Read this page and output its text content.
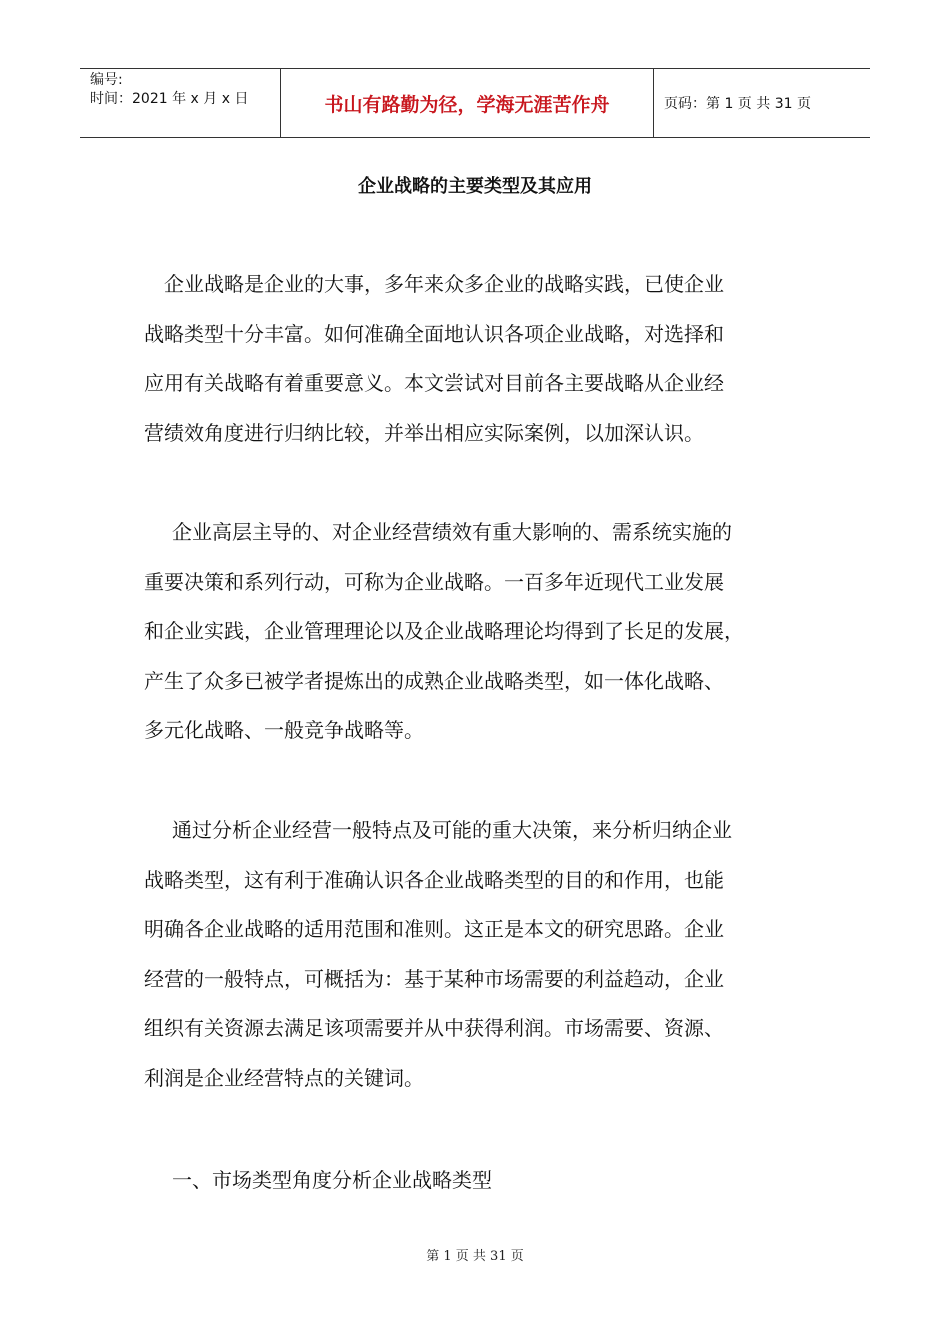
编号:
时间：2021 年 x 月 x 日	书山有路勤为径，学海无涯苦作舟	页码：第 1 页 共 31 页
企业战略的主要类型及其应用
企业战略是企业的大事，多年来众多企业的战略实践，已使企业
战略类型十分丰富。如何准确全面地认识各项企业战略，对选择和
应用有关战略有着重要意义。本文尝试对目前各主要战略从企业经
营绩效角度进行归纳比较，并举出相应实际案例，以加深认识。
企业高层主导的、对企业经营绩效有重大影响的、需系统实施的
重要决策和系列行动，可称为企业战略。一百多年近现代工业发展
和企业实践，企业管理理论以及企业战略理论均得到了长足的发展，
产生了众多已被学者提炼出的成熟企业战略类型，如一体化战略、
多元化战略、一般竞争战略等。
通过分析企业经营一般特点及可能的重大决策，来分析归纳企业
战略类型，这有利于准确认识各企业战略类型的目的和作用，也能
明确各企业战略的适用范围和准则。这正是本文的研究思路。企业
经营的一般特点，可概括为：基于某种市场需要的利益趋动，企业
组织有关资源去满足该项需要并从中获得利润。市场需要、资源、
利润是企业经营特点的关键词。
一、市场类型角度分析企业战略类型
第 1 页 共 31 页
